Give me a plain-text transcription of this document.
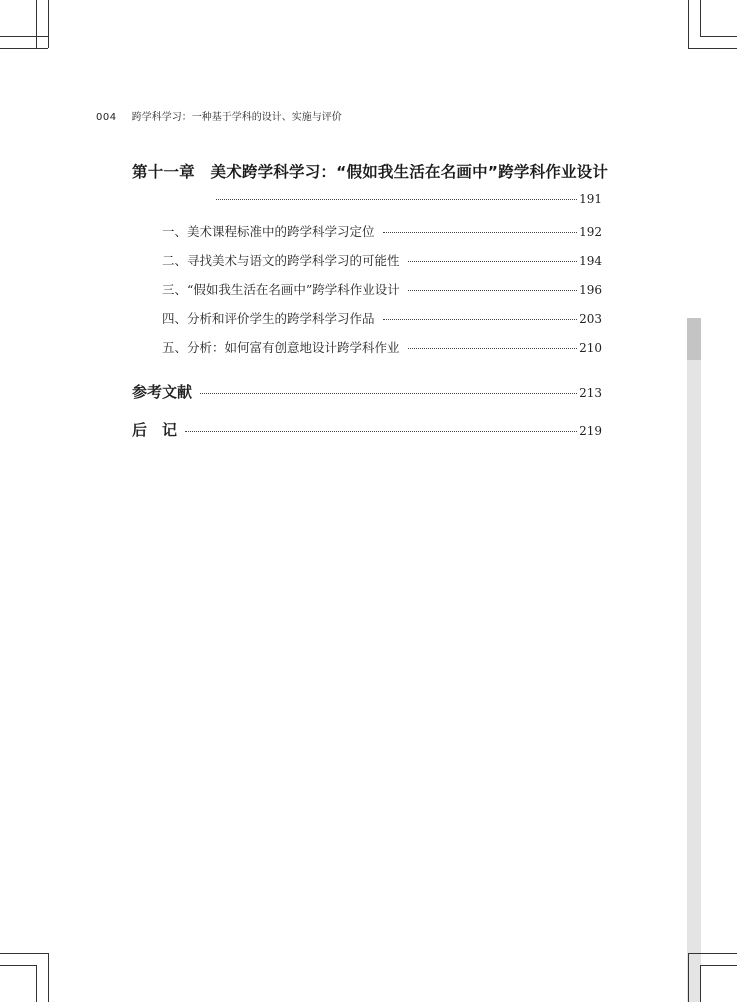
004 跨学科学习：一种基于学科的设计、实施与评价
第十一章　美术跨学科学习：“假如我生活在名画中”跨学科作业设计
191
一、美术课程标准中的跨学科学习定位	192
二、寻找美术与语文的跨学科学习的可能性	194
三、“假如我生活在名画中”跨学科作业设计	196
四、分析和评价学生的跨学科学习作品	203
五、分析：如何富有创意地设计跨学科作业	210
参考文献	213
后　记	219
